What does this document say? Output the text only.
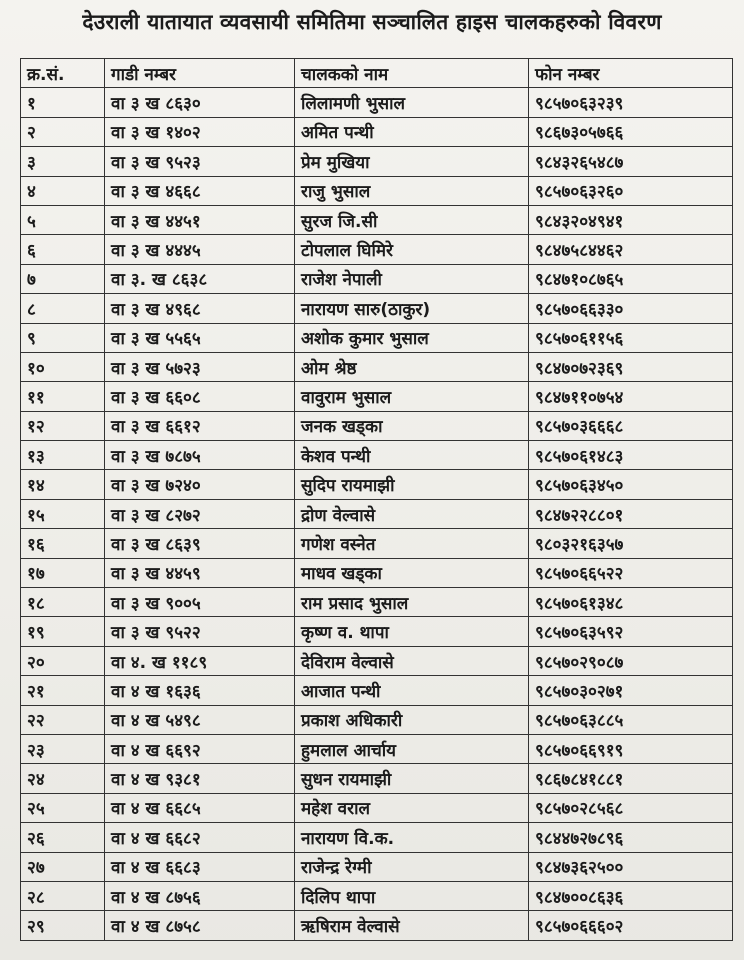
देउराली यातायात व्यवसायी समितिमा सञ्चालित हाइस चालकहरुको विवरण
क्र.सं.	गाडी नम्बर	चालकको नाम	फोन नम्बर
१	वा ३ ख ८६३०	लिलामणी भुसाल	९८५७०६३२३९
२	वा ३ ख १४०२	अमित पन्थी	९८६७३०५७६६
३	वा ३ ख ९५२३	प्रेम मुखिया	९८४३२६५४८७
४	वा ३ ख ४६६८	राजु भुसाल	९८५७०६३२६०
५	वा ३ ख ४४५१	सुरज जि.सी	९८४३२०४९४१
६	वा ३ ख ४४४५	टोपलाल घिमिरे	९८४७५८४४६२
७	वा ३. ख ८६३८	राजेश नेपाली	९८४७१०८७६५
८	वा ३ ख ४९६८	नारायण सारु(ठाकुर)	९८५७०६६३३०
९	वा ३ ख ५५६५	अशोक कुमार भुसाल	९८५७०६११५६
१०	वा ३ ख ५७२३	ओम श्रेष्ठ	९८४७०७२३६९
११	वा ३ ख ६६०८	वावुराम भुसाल	९८४७११०७५४
१२	वा ३ ख ६६१२	जनक खड्का	९८५७०३६६६८
१३	वा ३ ख ७८७५	केशव पन्थी	९८५७०६१४८३
१४	वा ३ ख ७२४०	सुदिप रायमाझी	९८५७०६३४५०
१५	वा ३ ख ८२७२	द्रोण वेल्वासे	९८४७२२८८०१
१६	वा ३ ख ८६३९	गणेश वस्नेत	९८०३२१६३५७
१७	वा ३ ख ४४५९	माधव खड्का	९८५७०६६५२२
१८	वा ३ ख ९००५	राम प्रसाद भुसाल	९८५७०६१३४८
१९	वा ३ ख ९५२२	कृष्ण व. थापा	९८५७०६३५९२
२०	वा ४. ख ११८९	देविराम वेल्वासे	९८५७०२९०८७
२१	वा ४ ख १६३६	आजात पन्थी	९८५७०३०२७१
२२	वा ४ ख ५४९८	प्रकाश अधिकारी	९८५७०६३८८५
२३	वा ४ ख ६६९२	हुमलाल आर्चाय	९८५७०६६९१९
२४	वा ४ ख ९३८१	सुधन रायमाझी	९८६७८४१८८१
२५	वा ४ ख ६६८५	महेश वराल	९८५७०२८५६८
२६	वा ४ ख ६६८२	नारायण वि.क.	९८४४७२७८९६
२७	वा ४ ख ६६८३	राजेन्द्र रेग्मी	९८४७३६२५००
२८	वा ४ ख ८७५६	दिलिप थापा	९८४७००८६३६
२९	वा ४ ख ८७५८	ऋषिराम वेल्वासे	९८५७०६६६०२
